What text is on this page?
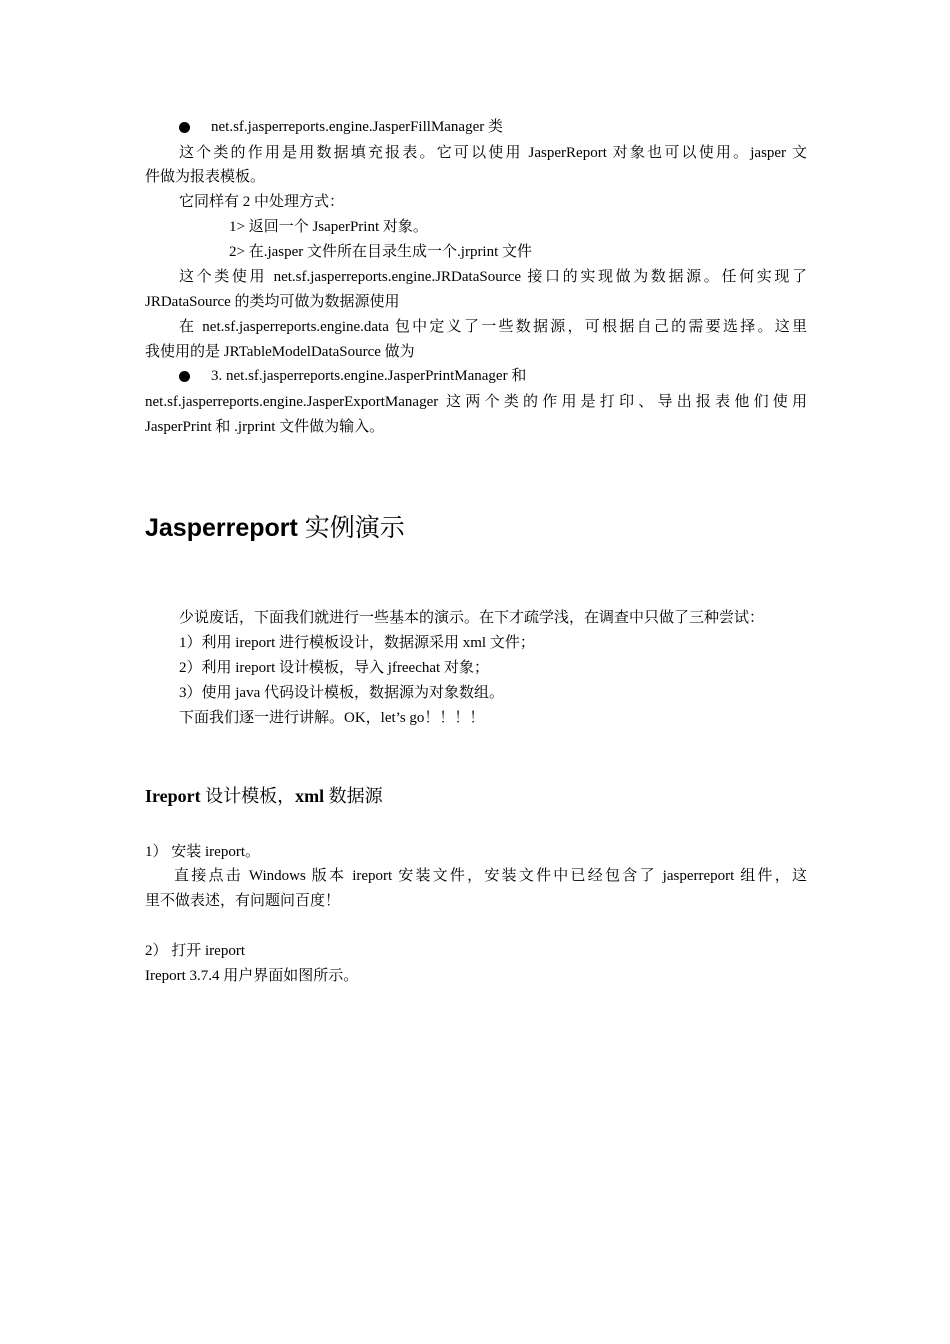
net.sf.jasperreports.engine.JasperFillManager 类
这个类的作用是用数据填充报表。它可以使用 JasperReport 对象也可以使用。jasper 文
件做为报表模板。
它同样有 2 中处理方式：
1> 返回一个 JsaperPrint 对象。
2> 在.jasper 文件所在目录生成一个.jrprint 文件
这个类使用 net.sf.jasperreports.engine.JRDataSource 接口的实现做为数据源。任何实现了
JRDataSource 的类均可做为数据源使用
在 net.sf.jasperreports.engine.data 包中定义了一些数据源，可根据自己的需要选择。这里
我使用的是 JRTableModelDataSource 做为
3. net.sf.jasperreports.engine.JasperPrintManager 和
net.sf.jasperreports.engine.JasperExportManager 这两个类的作用是打印、导出报表他们使用
JasperPrint 和 .jrprint 文件做为输入。
Jasperreport 实例演示
少说废话，下面我们就进行一些基本的演示。在下才疏学浅，在调查中只做了三种尝试：
1）利用 ireport 进行模板设计，数据源采用 xml 文件；
2）利用 ireport 设计模板，导入 jfreechat 对象；
3）使用 java 代码设计模板，数据源为对象数组。
下面我们逐一进行讲解。OK，let’s go！！！！
Ireport 设计模板，xml 数据源
1） 安装 ireport。
直接点击 Windows 版本 ireport 安装文件，安装文件中已经包含了 jasperreport 组件，这
里不做表述，有问题问百度！
2） 打开 ireport
Ireport 3.7.4 用户界面如图所示。
